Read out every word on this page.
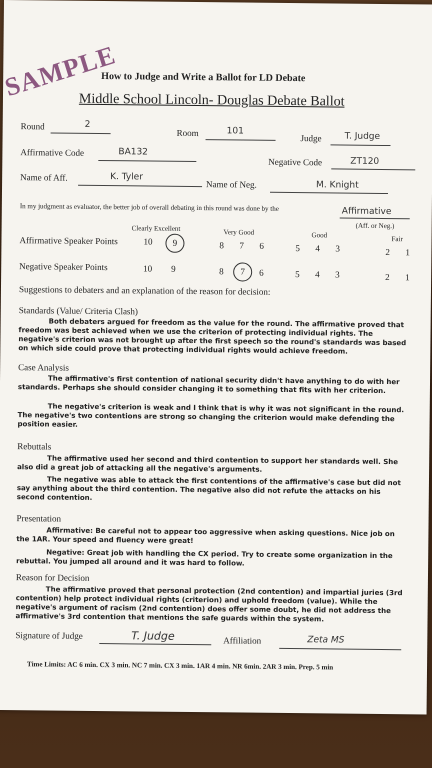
SAMPLE
How to Judge and Write a Ballot for LD Debate
Middle School Lincoln- Douglas Debate Ballot
Round	2
Room	101
Judge	T. Judge
Affirmative Code	BA132
Negative Code	ZT120
Name of Aff.	K. Tyler
Name of Neg.	M. Knight
In my judgment as evaluator, the better job of overall debating in this round was done by the	Affirmative
(Aff. or Neg.)
Clearly Excellent	Very Good	Good	Fair
Affirmative Speaker Points	10	9	8 7 6	5 4 3	2 1
Negative Speaker Points	10 9	8	7	6	5 4 3	2 1
Suggestions to debaters and an explanation of the reason for decision:
Standards (Value/ Criteria Clash)
Both debaters argued for freedom as the value for the round. The affirmative proved that freedom was best achieved when we use the criterion of protecting individual rights. The negative's criterion was not brought up after the first speech so the round's standards was based on which side could prove that protecting individual rights would achieve freedom.
Case Analysis
The affirmative's first contention of national security didn't have anything to do with her standards. Perhaps she should consider changing it to something that fits with her criterion.
The negative's criterion is weak and I think that is why it was not significant in the round. The negative's two contentions are strong so changing the criterion would make defending the position easier.
Rebuttals
The affirmative used her second and third contention to support her standards well. She also did a great job of attacking all the negative's arguments.
The negative was able to attack the first contentions of the affirmative's case but did not say anything about the third contention. The negative also did not refute the attacks on his second contention.
Presentation
Affirmative: Be careful not to appear too aggressive when asking questions. Nice job on the 1AR. Your speed and fluency were great!
Negative: Great job with handling the CX period. Try to create some organization in the rebuttal. You jumped all around and it was hard to follow.
Reason for Decision
The affirmative proved that personal protection (2nd contention) and impartial juries (3rd contention) help protect individual rights (criterion) and uphold freedom (value). While the negative's argument of racism (2nd contention) does offer some doubt, he did not address the affirmative's 3rd contention that mentions the safe guards within the system.
Signature of Judge	T. Judge	Affiliation	Zeta MS
Time Limits: AC 6 min. CX 3 min. NC 7 min. CX 3 min. 1AR 4 min. NR 6min. 2AR 3 min. Prep. 5 min
